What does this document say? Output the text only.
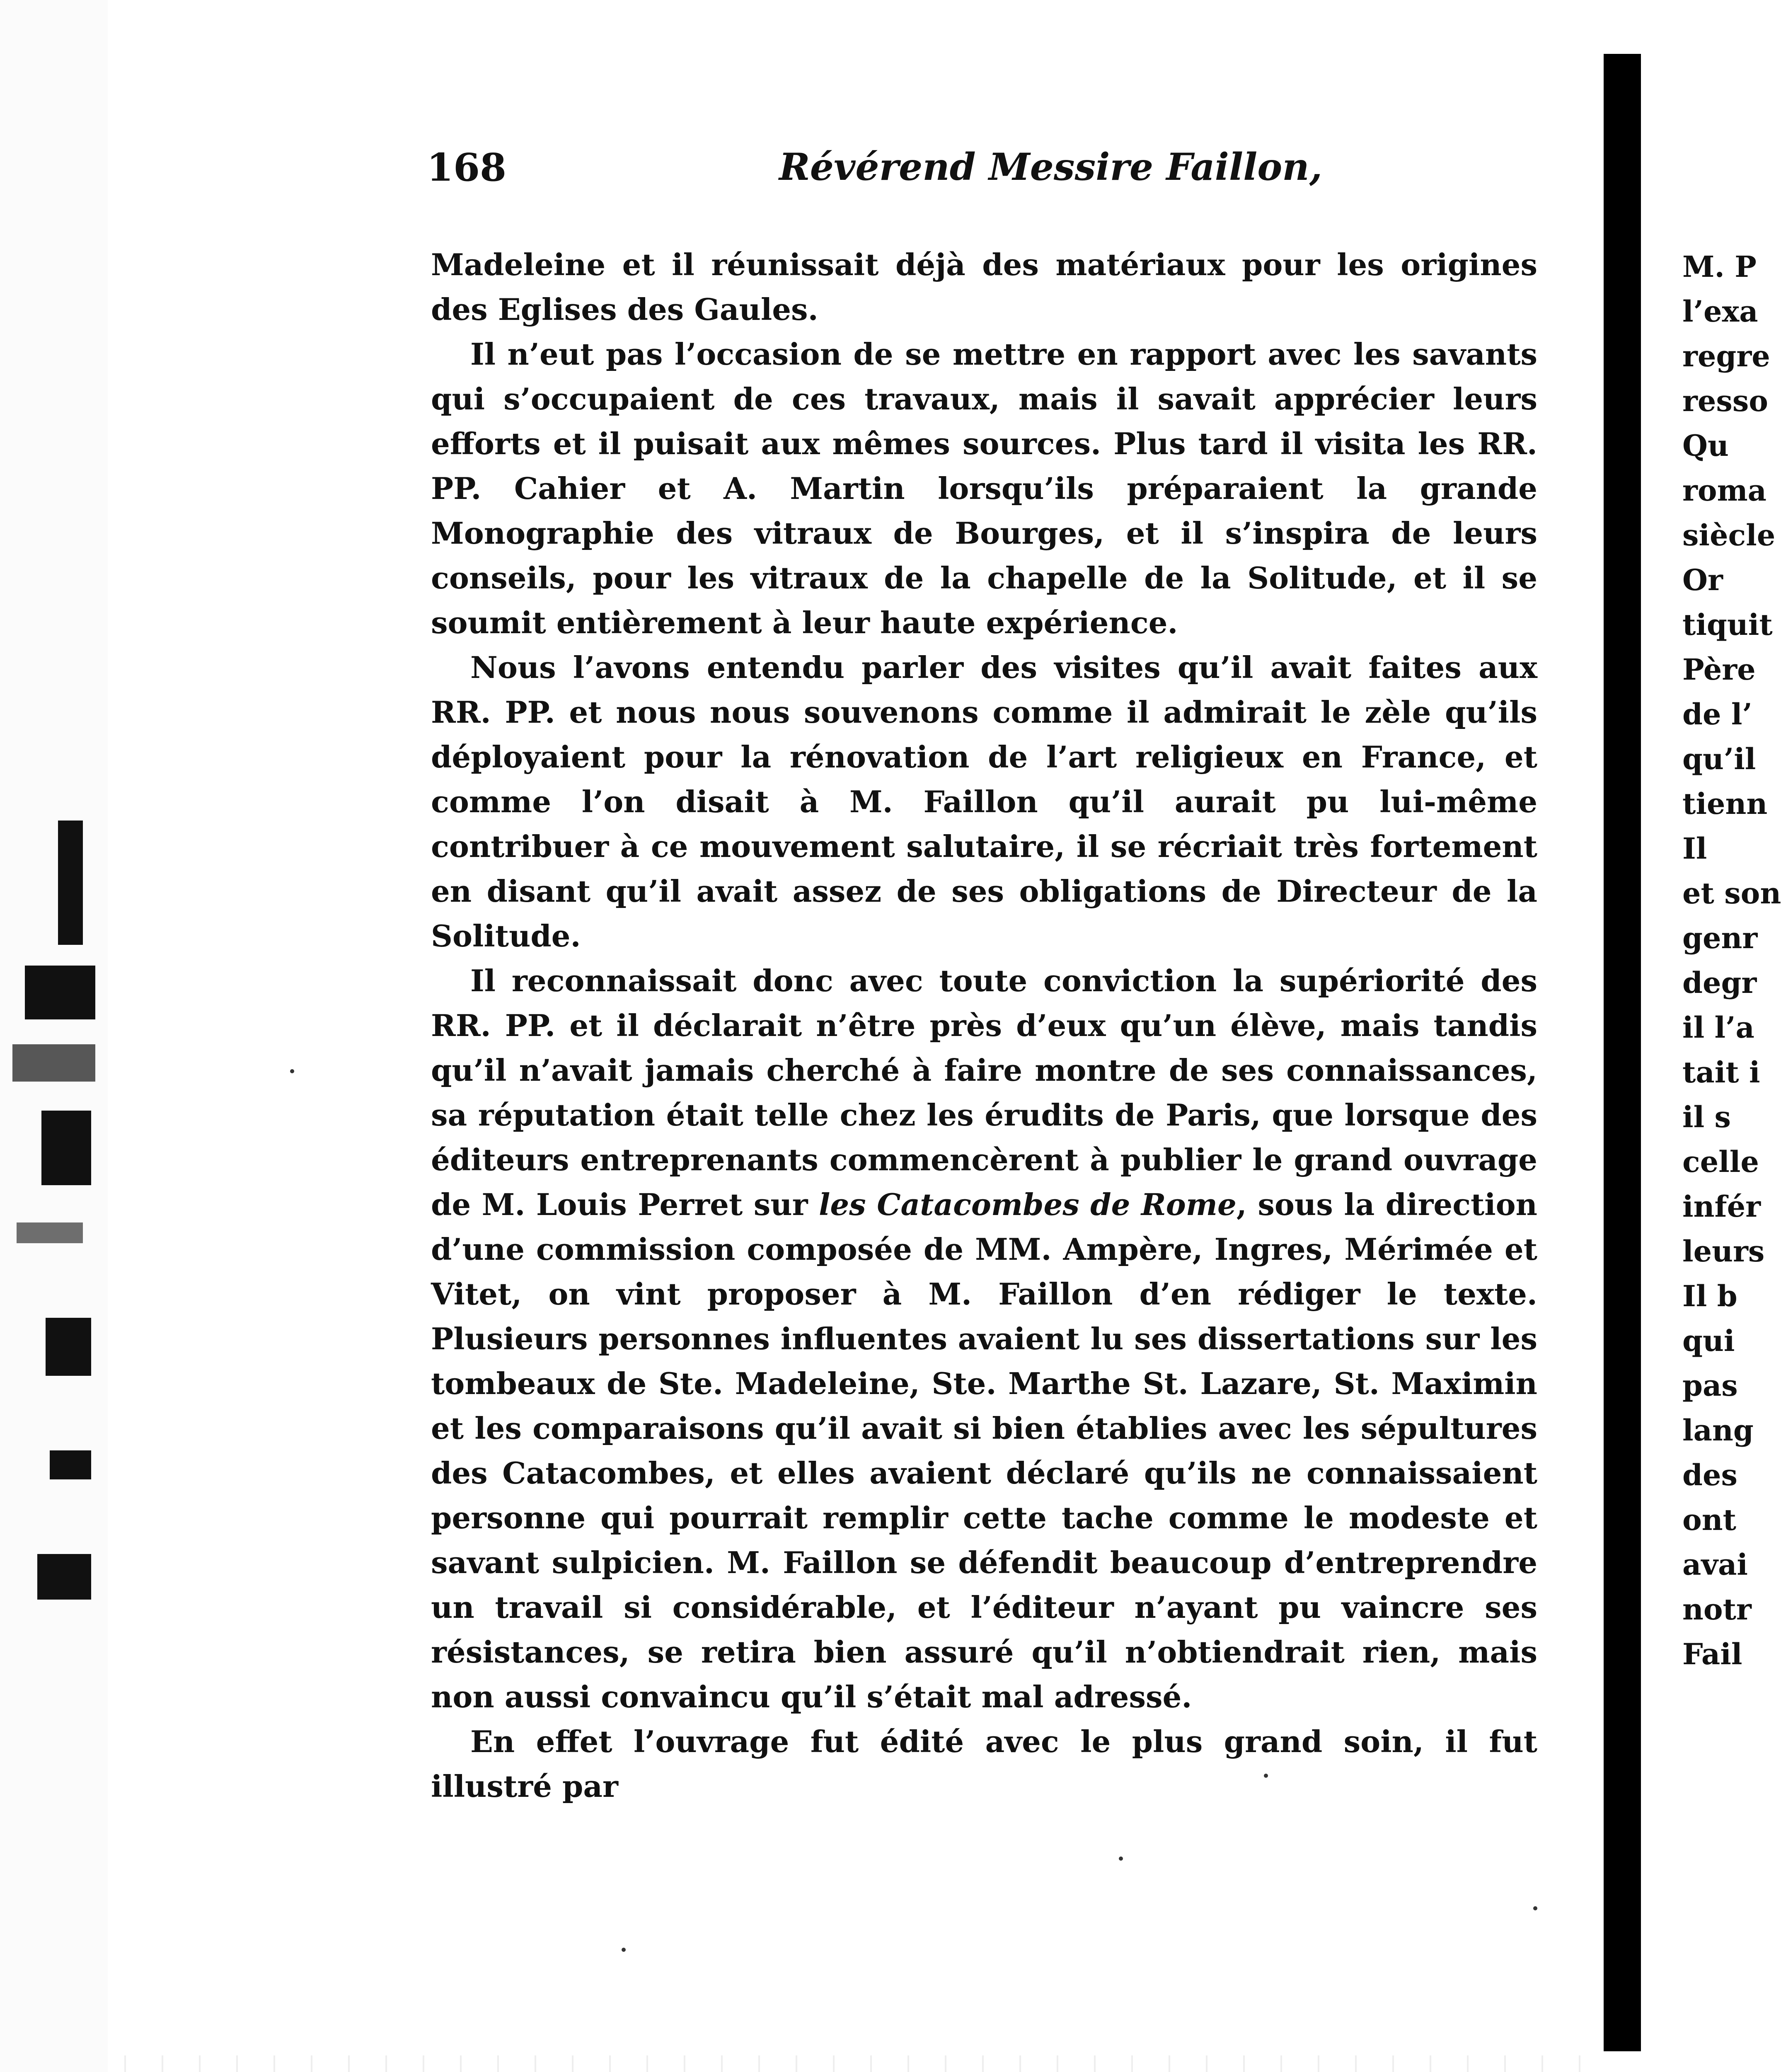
168	Révérend Messire Faillon,

Madeleine et il réunissait déjà des matériaux pour les origines des Eglises des Gaules.

Il n’eut pas l’occasion de se mettre en rapport avec les savants qui s’occupaient de ces travaux, mais il savait apprécier leurs efforts et il puisait aux mêmes sources. Plus tard il visita les RR. PP. Cahier et A. Martin lorsqu’ils préparaient la grande Monographie des vitraux de Bourges, et il s’inspira de leurs conseils, pour les vitraux de la chapelle de la Solitude, et il se soumit entièrement à leur haute expérience.

Nous l’avons entendu parler des visites qu’il avait faites aux RR. PP. et nous nous souvenons comme il admirait le zèle qu’ils déployaient pour la rénovation de l’art religieux en France, et comme l’on disait à M. Faillon qu’il aurait pu lui-même contribuer à ce mouvement salutaire, il se récriait très fortement en disant qu’il avait assez de ses obligations de Directeur de la Solitude.

Il reconnaissait donc avec toute conviction la supériorité des RR. PP. et il déclarait n’être près d’eux qu’un élève, mais tandis qu’il n’avait jamais cherché à faire montre de ses connaissances, sa réputation était telle chez les érudits de Paris, que lorsque des éditeurs entreprenants commencèrent à publier le grand ouvrage de M. Louis Perret sur les Catacombes de Rome, sous la direction d’une commission composée de MM. Ampère, Ingres, Mérimée et Vitet, on vint proposer à M. Faillon d’en rédiger le texte. Plusieurs personnes influentes avaient lu ses dissertations sur les tombeaux de Ste. Madeleine, Ste. Marthe St. Lazare, St. Maximin et les comparaisons qu’il avait si bien établies avec les sépultures des Catacombes, et elles avaient déclaré qu’ils ne connaissaient personne qui pourrait remplir cette tache comme le modeste et savant sulpicien. M. Faillon se défendit beaucoup d’entreprendre un travail si considérable, et l’éditeur n’ayant pu vaincre ses résistances, se retira bien assuré qu’il n’obtiendrait rien, mais non aussi convaincu qu’il s’était mal adressé.

En effet l’ouvrage fut édité avec le plus grand soin, il fut illustré par

M. P
l’exa
regre
resso
Qu
roma
siècle
Or
tiquit
Père
de l’
qu’il
tienn
Il
et son
genr
degr
il l’a
tait i
il s
celle
infér
leurs
Il b
qui
pas
lang
des
ont
avai
notr
Fail
